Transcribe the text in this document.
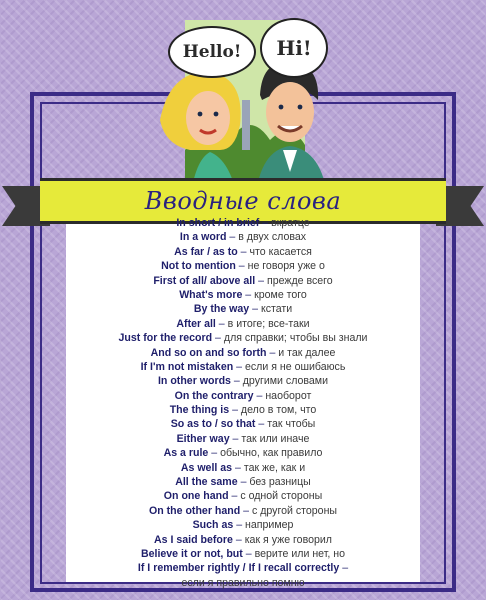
Hello! Hi!
Вводные слова
In short / in brief – вкратце
In a word – в двух словах
As far / as to – что касается
Not to mention – не говоря уже о
First of all/ above all – прежде всего
What's more – кроме того
By the way – кстати
After all – в итоге; все-таки
Just for the record – для справки; чтобы вы знали
And so on and so forth – и так далее
If I'm not mistaken – если я не ошибаюсь
In other words – другими словами
On the contrary – наоборот
The thing is – дело в том, что
So as to / so that – так чтобы
Either way – так или иначе
As a rule – обычно, как правило
As well as – так же, как и
All the same – без разницы
On one hand – с одной стороны
On the other hand – с другой стороны
Such as – например
As I said before – как я уже говорил
Believe it or not, but – верите или нет, но
If I remember rightly / If I recall correctly –
если я правильно помню
